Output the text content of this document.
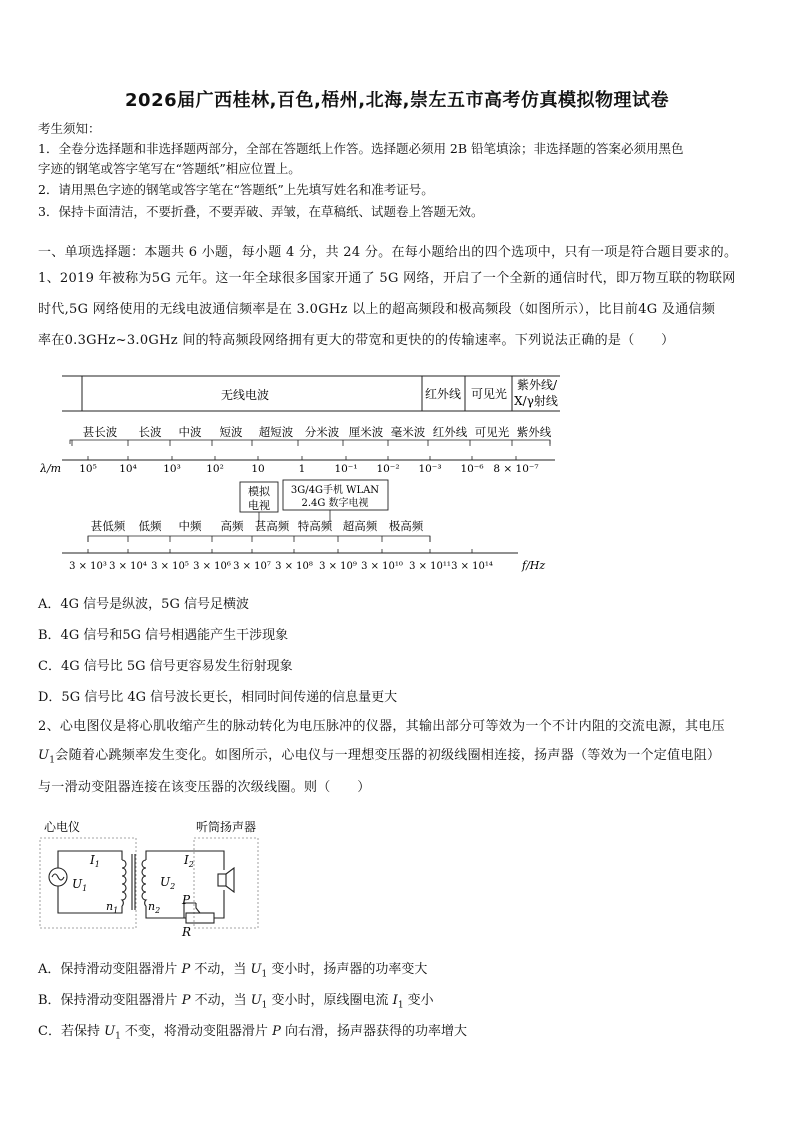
2026届广西桂林,百色,梧州,北海,崇左五市高考仿真模拟物理试卷
考生须知：
1．全卷分选择题和非选择题两部分，全部在答题纸上作答。选择题必须用 2B 铅笔填涂；非选择题的答案必须用黑色
字迹的钢笔或答字笔写在“答题纸”相应位置上。
2．请用黑色字迹的钢笔或答字笔在“答题纸”上先填写姓名和准考证号。
3．保持卡面清洁，不要折叠，不要弄破、弄皱，在草稿纸、试题卷上答题无效。
一、单项选择题：本题共 6 小题，每小题 4 分，共 24 分。在每小题给出的四个选项中，只有一项是符合题目要求的。
1、2019 年被称为5G 元年。这一年全球很多国家开通了 5G 网络，开启了一个全新的通信时代，即万物互联的物联网
时代,5G 网络使用的无线电波通信频率是在 3.0GHz 以上的超高频段和极高频段（如图所示），比目前4G 及通信频
率在0.3GHz~3.0GHz 间的特高频段网络拥有更大的带宽和更快的的传输速率。下列说法正确的是（　　）
无线电波	红外线 可见光
紫外线/
X/γ射线
甚长波 长波 中波 短波 超短波 分米波 厘米波 毫米波 红外线 可见光 紫外线
λ/m 10⁵ 10⁴	10³ 10²	10	1	10⁻¹ 10⁻² 10⁻³ 10⁻⁶ 8 × 10⁻⁷
模拟
电视
3G/4G手机 WLAN
2.4G 数字电视
甚低频 低频 中频 高频 甚高频 特高频 超高频 极高频
3 × 10³ 3 × 10⁴ 3 × 10⁵ 3 × 10⁶ 3 × 10⁷ 3 × 10⁸ 3 × 10⁹ 3 × 10¹⁰ 3 × 10¹¹ 3 × 10¹⁴	f/Hz
A．4G 信号是纵波，5G 信号足横波
B．4G 信号和5G 信号相遇能产生干涉现象
C．4G 信号比 5G 信号更容易发生衍射现象
D．5G 信号比 4G 信号波长更长，相同时间传递的信息量更大
2、心电图仪是将心肌收缩产生的脉动转化为电压脉冲的仪器，其输出部分可等效为一个不计内阻的交流电源，其电压
$U_1$会随着心跳频率发生变化。如图所示，心电仪与一理想变压器的初级线圈相连接，扬声器（等效为一个定值电阻）
与一滑动变阻器连接在该变压器的次级线圈。则（　　）
心电仪	听筒扬声器
$I_1$
$U_1$
$n_1$
$U_2$
$n_2$
$I_2$
P
R
A．保持滑动变阻器滑片 P 不动，当 $U_1$ 变小时，扬声器的功率变大
B．保持滑动变阻器滑片 P 不动，当 $U_1$ 变小时，原线圈电流 $I_1$ 变小
C．若保持 $U_1$ 不变，将滑动变阻器滑片 P 向右滑，扬声器获得的功率增大
